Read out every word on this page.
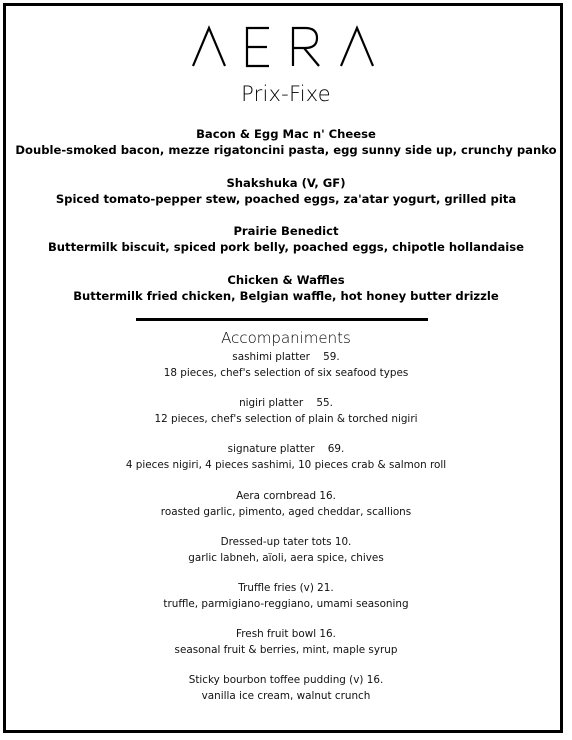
Prix-Fixe
Bacon & Egg Mac n' Cheese
Double-smoked bacon, mezze rigatoncini pasta, egg sunny side up, crunchy panko
Shakshuka (V, GF)
Spiced tomato-pepper stew, poached eggs, za'atar yogurt, grilled pita
Prairie Benedict
Buttermilk biscuit, spiced pork belly, poached eggs, chipotle hollandaise
Chicken & Waffles
Buttermilk fried chicken, Belgian waffle, hot honey butter drizzle
Accompaniments
sashimi platter    59.
18 pieces, chef's selection of six seafood types
nigiri platter    55.
12 pieces, chef's selection of plain & torched nigiri
signature platter    69.
4 pieces nigiri, 4 pieces sashimi, 10 pieces crab & salmon roll
Aera cornbread 16.
roasted garlic, pimento, aged cheddar, scallions
Dressed-up tater tots 10.
garlic labneh, aïoli, aera spice, chives
Truffle fries (v) 21.
truffle, parmigiano-reggiano, umami seasoning
Fresh fruit bowl 16.
seasonal fruit & berries, mint, maple syrup
Sticky bourbon toffee pudding (v) 16.
vanilla ice cream, walnut crunch
